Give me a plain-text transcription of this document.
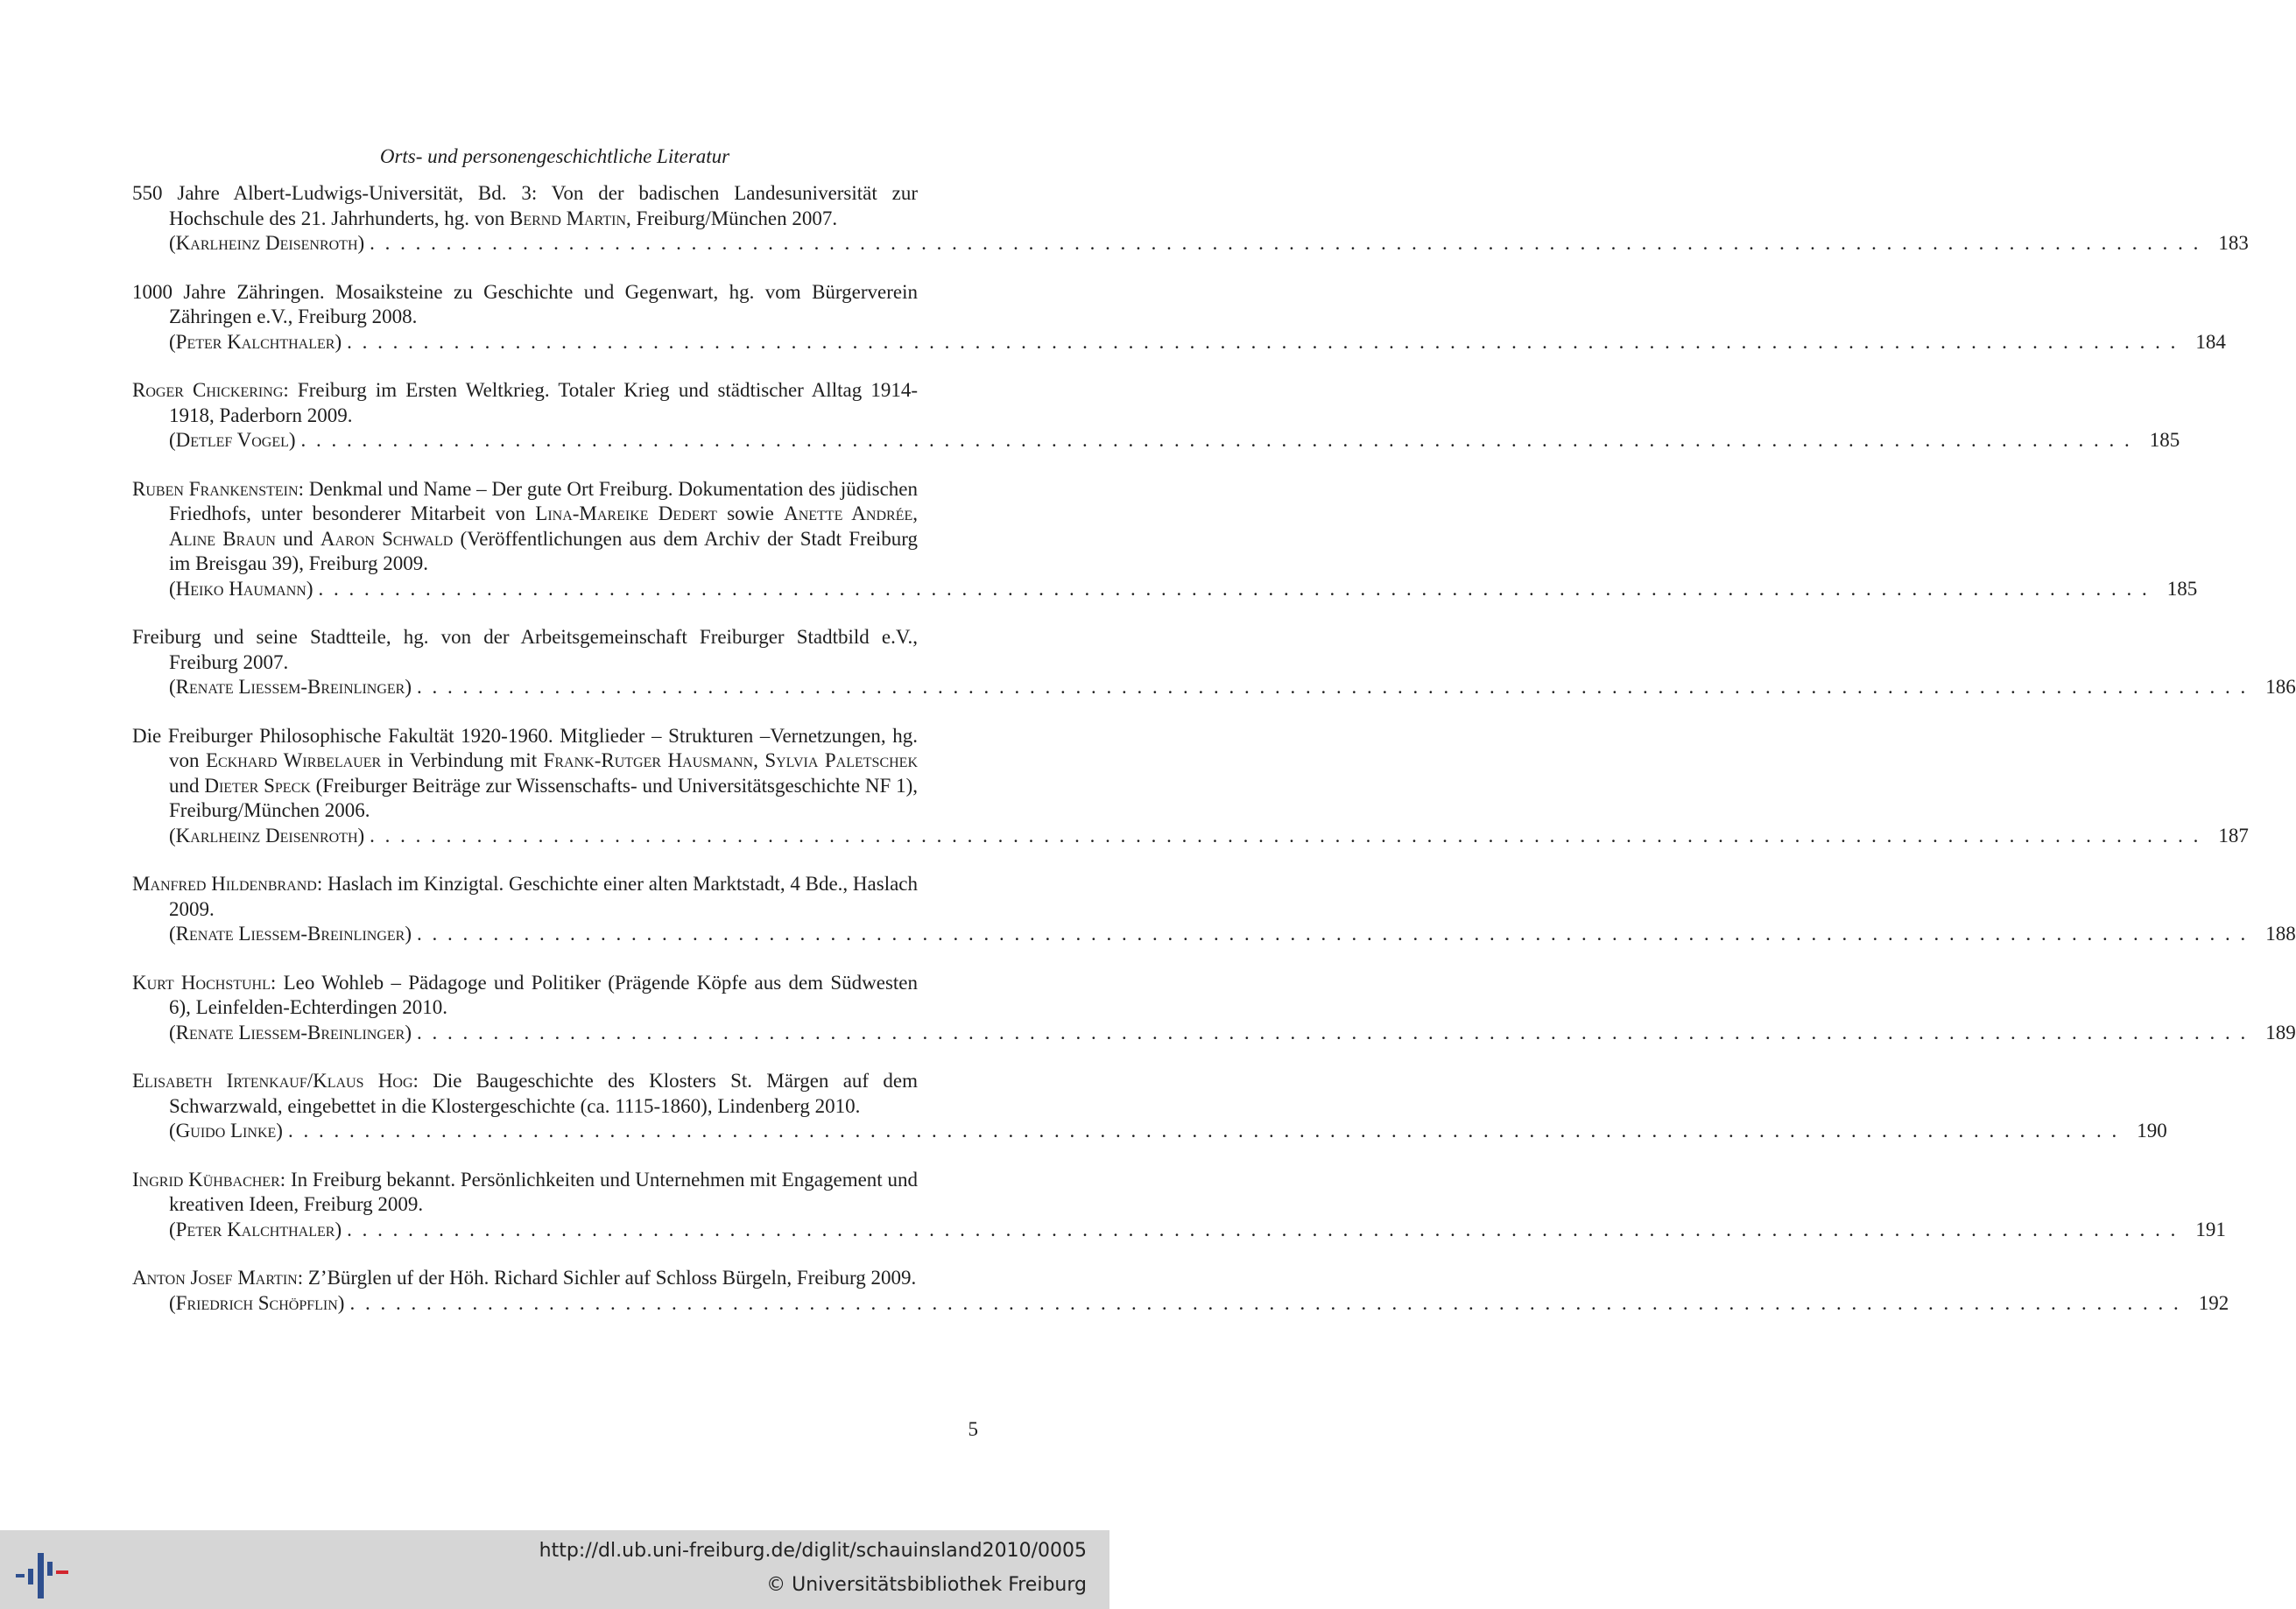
Orts- und personengeschichtliche Literatur
550 Jahre Albert-Ludwigs-Universität, Bd. 3: Von der badischen Landesuniversität zur Hochschule des 21. Jahrhunderts, hg. von Bernd Martin, Freiburg/München 2007.
(Karlheinz Deisenroth) . . . . . . . . . . . . . . . . . . . . . . . . . . . . . . . . . . . . . . . . . . . . . . . . . . . . . . . . . . . . . . . . . . . . . . . . . . . . . . . . . . . . . . . . . . . . . . . . . . . . . . . . . . . . . . . . . . . . . . . . 183
1000 Jahre Zähringen. Mosaiksteine zu Geschichte und Gegenwart, hg. vom Bürgerverein Zähringen e.V., Freiburg 2008.
(Peter Kalchthaler) . . . . . . . . . . . . . . . . . . . . . . . . . . . . . . . . . . . . . . . . . . . . . . . . . . . . . . . . . . . . . . . . . . . . . . . . . . . . . . . . . . . . . . . . . . . . . . . . . . . . . . . . . . . . . . . . . . . . . . . . 184
Roger Chickering: Freiburg im Ersten Weltkrieg. Totaler Krieg und städtischer Alltag 1914-1918, Paderborn 2009.
(Detlef Vogel) . . . . . . . . . . . . . . . . . . . . . . . . . . . . . . . . . . . . . . . . . . . . . . . . . . . . . . . . . . . . . . . . . . . . . . . . . . . . . . . . . . . . . . . . . . . . . . . . . . . . . . . . . . . . . . . . . . . . . . . . 185
Ruben Frankenstein: Denkmal und Name – Der gute Ort Freiburg. Dokumentation des jüdischen Friedhofs, unter besonderer Mitarbeit von Lina-Mareike Dedert sowie Anette Andrée, Aline Braun und Aaron Schwald (Veröffentlichungen aus dem Archiv der Stadt Freiburg im Breisgau 39), Freiburg 2009.
(Heiko Haumann) . . . . . . . . . . . . . . . . . . . . . . . . . . . . . . . . . . . . . . . . . . . . . . . . . . . . . . . . . . . . . . . . . . . . . . . . . . . . . . . . . . . . . . . . . . . . . . . . . . . . . . . . . . . . . . . . . . . . . . . . 185
Freiburg und seine Stadtteile, hg. von der Arbeitsgemeinschaft Freiburger Stadtbild e.V., Freiburg 2007.
(Renate Liessem-Breinlinger) . . . . . . . . . . . . . . . . . . . . . . . . . . . . . . . . . . . . . . . . . . . . . . . . . . . . . . . . . . . . . . . . . . . . . . . . . . . . . . . . . . . . . . . . . . . . . . . . . . . . . . . . . . . . . . . . . . . . . . . . 186
Die Freiburger Philosophische Fakultät 1920-1960. Mitglieder – Strukturen –Vernetzungen, hg. von Eckhard Wirbelauer in Verbindung mit Frank-Rutger Hausmann, Sylvia Paletschek und Dieter Speck (Freiburger Beiträge zur Wissenschafts- und Universitätsgeschichte NF 1), Freiburg/München 2006.
(Karlheinz Deisenroth) . . . . . . . . . . . . . . . . . . . . . . . . . . . . . . . . . . . . . . . . . . . . . . . . . . . . . . . . . . . . . . . . . . . . . . . . . . . . . . . . . . . . . . . . . . . . . . . . . . . . . . . . . . . . . . . . . . . . . . . . 187
Manfred Hildenbrand: Haslach im Kinzigtal. Geschichte einer alten Marktstadt, 4 Bde., Haslach 2009.
(Renate Liessem-Breinlinger) . . . . . . . . . . . . . . . . . . . . . . . . . . . . . . . . . . . . . . . . . . . . . . . . . . . . . . . . . . . . . . . . . . . . . . . . . . . . . . . . . . . . . . . . . . . . . . . . . . . . . . . . . . . . . . . . . . . . . . . . 188
Kurt Hochstuhl: Leo Wohleb – Pädagoge und Politiker (Prägende Köpfe aus dem Südwesten 6), Leinfelden-Echterdingen 2010.
(Renate Liessem-Breinlinger) . . . . . . . . . . . . . . . . . . . . . . . . . . . . . . . . . . . . . . . . . . . . . . . . . . . . . . . . . . . . . . . . . . . . . . . . . . . . . . . . . . . . . . . . . . . . . . . . . . . . . . . . . . . . . . . . . . . . . . . . 189
Elisabeth Irtenkauf/Klaus Hog: Die Baugeschichte des Klosters St. Märgen auf dem Schwarzwald, eingebettet in die Klostergeschichte (ca. 1115-1860), Lindenberg 2010.
(Guido Linke) . . . . . . . . . . . . . . . . . . . . . . . . . . . . . . . . . . . . . . . . . . . . . . . . . . . . . . . . . . . . . . . . . . . . . . . . . . . . . . . . . . . . . . . . . . . . . . . . . . . . . . . . . . . . . . . . . . . . . . . . 190
Ingrid Kühbacher: In Freiburg bekannt. Persönlichkeiten und Unternehmen mit Engagement und kreativen Ideen, Freiburg 2009.
(Peter Kalchthaler) . . . . . . . . . . . . . . . . . . . . . . . . . . . . . . . . . . . . . . . . . . . . . . . . . . . . . . . . . . . . . . . . . . . . . . . . . . . . . . . . . . . . . . . . . . . . . . . . . . . . . . . . . . . . . . . . . . . . . . . . 191
Anton Josef Martin: Z’Bürglen uf der Höh. Richard Sichler auf Schloss Bürgeln, Freiburg 2009.
(Friedrich Schöpflin) . . . . . . . . . . . . . . . . . . . . . . . . . . . . . . . . . . . . . . . . . . . . . . . . . . . . . . . . . . . . . . . . . . . . . . . . . . . . . . . . . . . . . . . . . . . . . . . . . . . . . . . . . . . . . . . . . . . . . . . . 192
5
http://dl.ub.uni-freiburg.de/diglit/schauinsland2010/0005
© Universitätsbibliothek Freiburg
